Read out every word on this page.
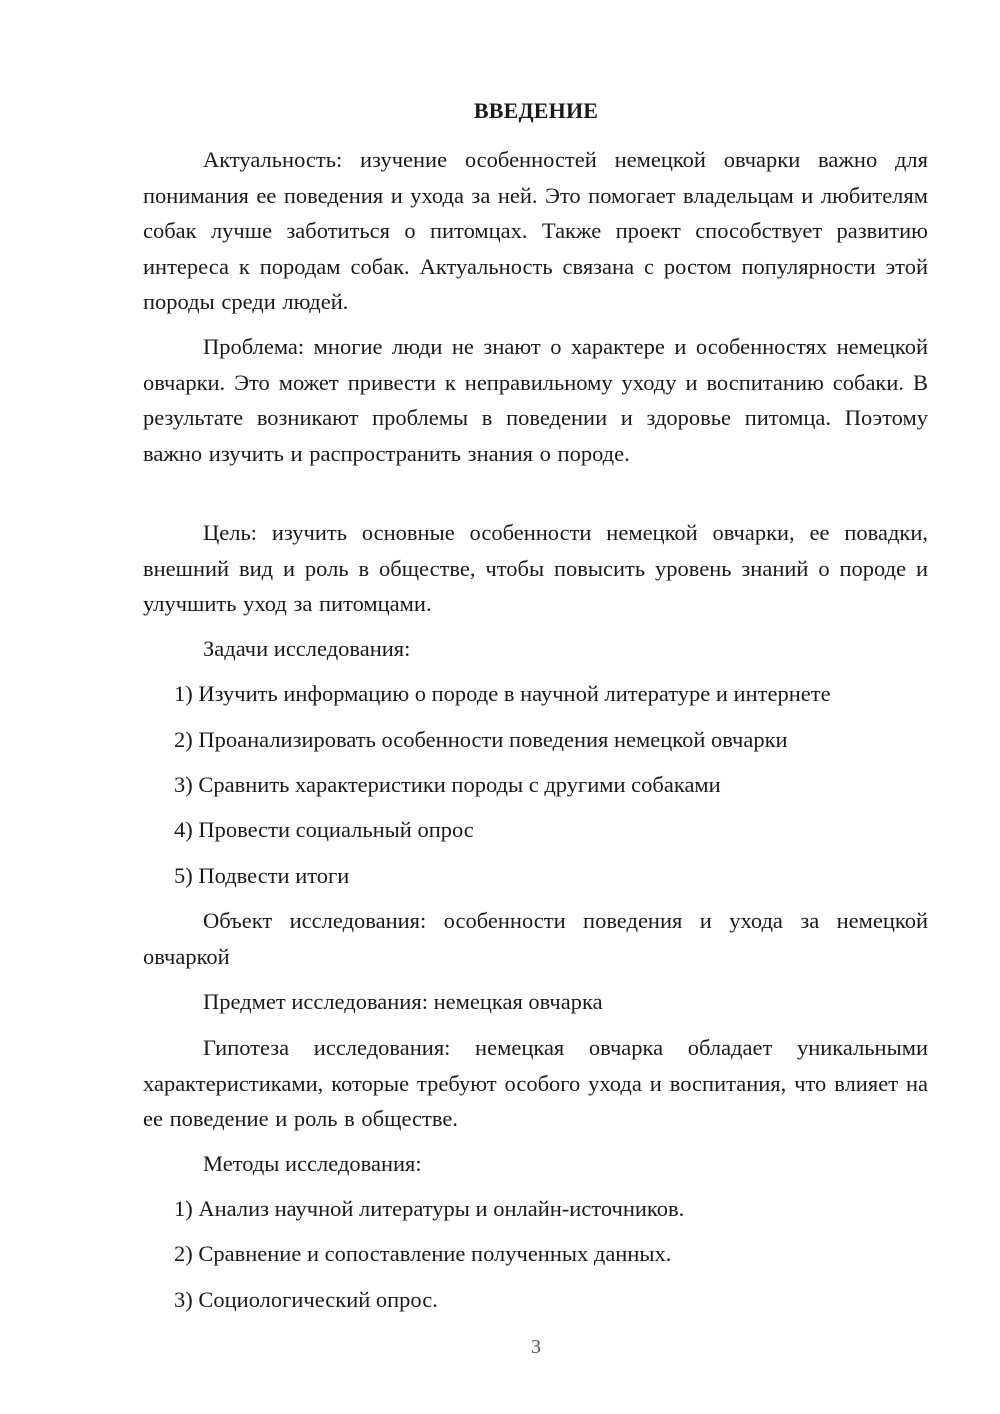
ВВЕДЕНИЕ

Актуальность: изучение особенностей немецкой овчарки важно для понимания ее поведения и ухода за ней. Это помогает владельцам и любителям собак лучше заботиться о питомцах. Также проект способствует развитию интереса к породам собак. Актуальность связана с ростом популярности этой породы среди людей.

Проблема: многие люди не знают о характере и особенностях немецкой овчарки. Это может привести к неправильному уходу и воспитанию собаки. В результате возникают проблемы в поведении и здоровье питомца. Поэтому важно изучить и распространить знания о породе.

Цель: изучить основные особенности немецкой овчарки, ее повадки, внешний вид и роль в обществе, чтобы повысить уровень знаний о породе и улучшить уход за питомцами.

Задачи исследования:
1) Изучить информацию о породе в научной литературе и интернете
2) Проанализировать особенности поведения немецкой овчарки
3) Сравнить характеристики породы с другими собаками
4) Провести социальный опрос
5) Подвести итоги

Объект исследования: особенности поведения и ухода за немецкой овчаркой

Предмет исследования: немецкая овчарка

Гипотеза исследования: немецкая овчарка обладает уникальными характеристиками, которые требуют особого ухода и воспитания, что влияет на ее поведение и роль в обществе.

Методы исследования:
1) Анализ научной литературы и онлайн-источников.
2) Сравнение и сопоставление полученных данных.
3) Социологический опрос.
3
